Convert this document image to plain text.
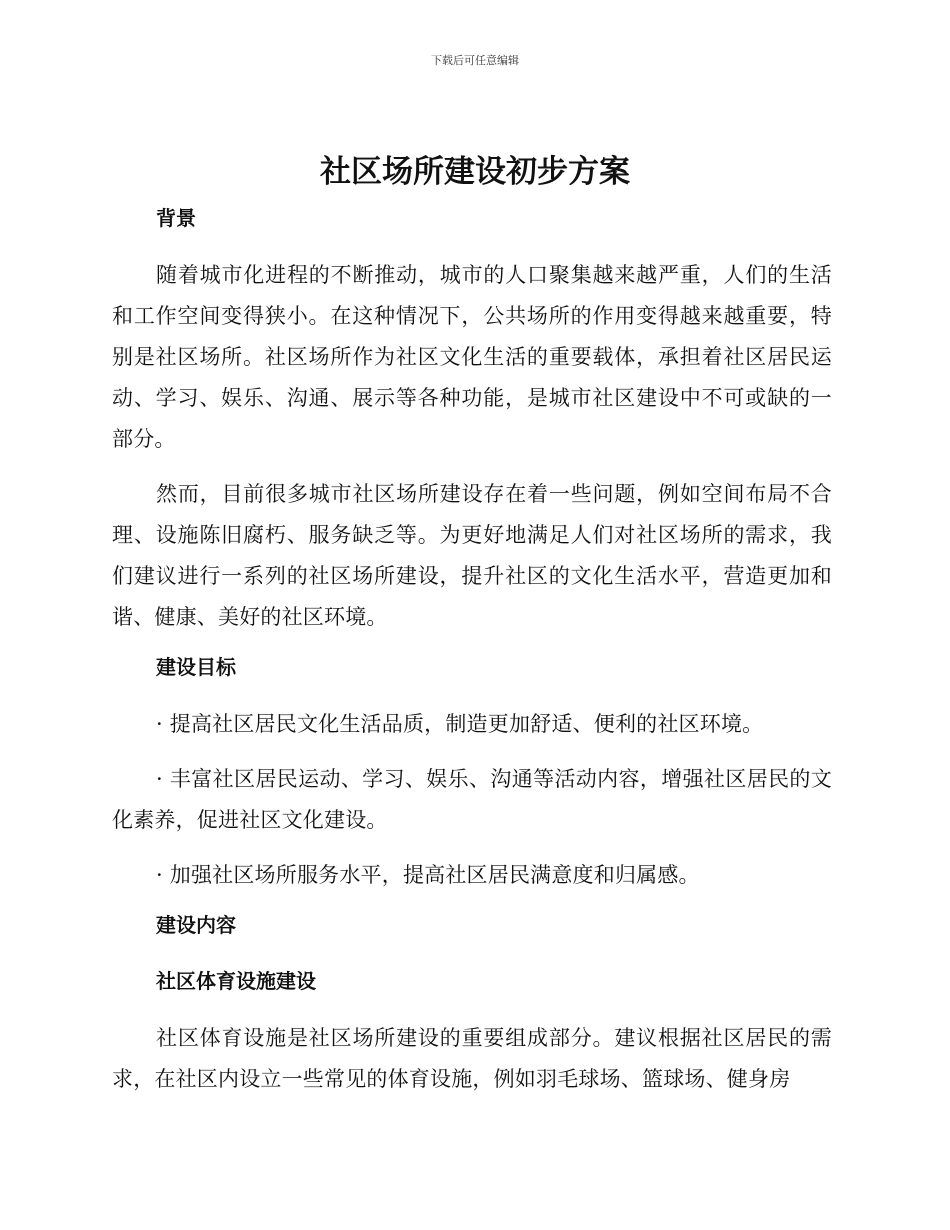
下载后可任意编辑
社区场所建设初步方案
背景

随着城市化进程的不断推动，城市的人口聚集越来越严重，人们的生活和工作空间变得狭小。在这种情况下，公共场所的作用变得越来越重要，特别是社区场所。社区场所作为社区文化生活的重要载体，承担着社区居民运动、学习、娱乐、沟通、展示等各种功能，是城市社区建设中不可或缺的一部分。

然而，目前很多城市社区场所建设存在着一些问题，例如空间布局不合理、设施陈旧腐朽、服务缺乏等。为更好地满足人们对社区场所的需求，我们建议进行一系列的社区场所建设，提升社区的文化生活水平，营造更加和谐、健康、美好的社区环境。

建设目标

· 提高社区居民文化生活品质，制造更加舒适、便利的社区环境。

· 丰富社区居民运动、学习、娱乐、沟通等活动内容，增强社区居民的文化素养，促进社区文化建设。

· 加强社区场所服务水平，提高社区居民满意度和归属感。

建设内容
社区体育设施建设

社区体育设施是社区场所建设的重要组成部分。建议根据社区居民的需求，在社区内设立一些常见的体育设施，例如羽毛球场、篮球场、健身房
